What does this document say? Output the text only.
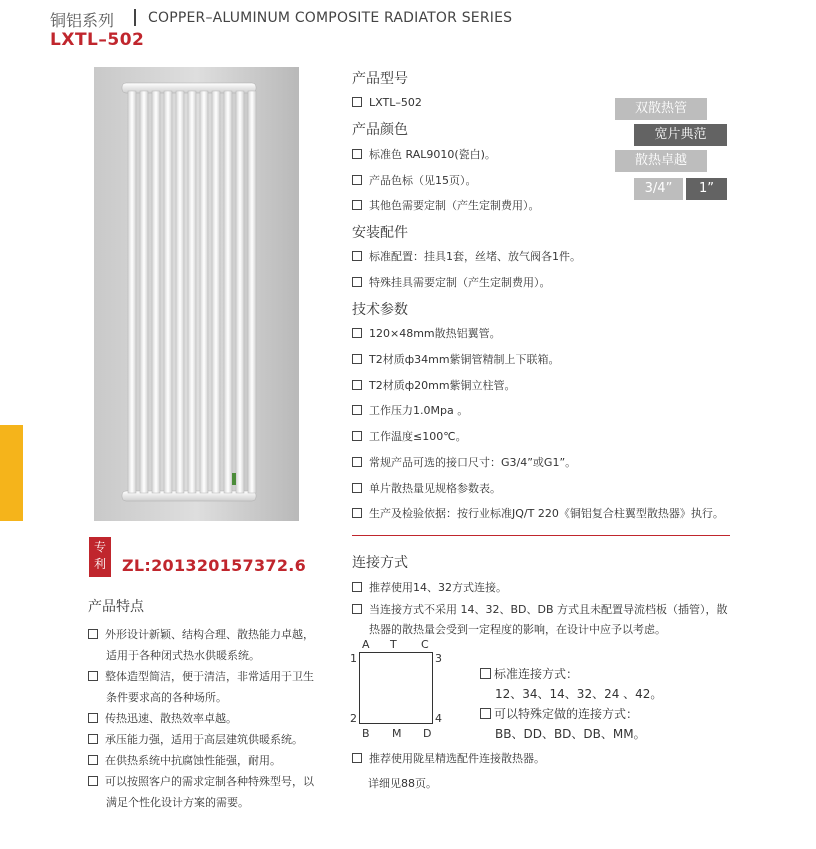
铜铝系列 COPPER–ALUMINUM COMPOSITE RADIATOR SERIES
LXTL–502
专
利	ZL:201320157372.6
产品特点
外形设计新颖、结构合理、散热能力卓越，
适用于各种闭式热水供暖系统。
整体造型简洁，便于清洁，非常适用于卫生
条件要求高的各种场所。
传热迅速、散热效率卓越。
承压能力强，适用于高层建筑供暖系统。
在供热系统中抗腐蚀性能强，耐用。
可以按照客户的需求定制各种特殊型号，以
满足个性化设计方案的需要。
产品型号
LXTL–502
产品颜色
标准色 RAL9010(瓷白)。
产品色标（见15页）。
其他色需要定制（产生定制费用）。
安装配件
标准配置：挂具1套，丝堵、放气阀各1件。
特殊挂具需要定制（产生定制费用）。
技术参数
120×48mm散热铝翼管。
T2材质ф34mm紫铜管精制上下联箱。
T2材质ф20mm紫铜立柱管。
工作压力1.0Mpa 。
工作温度≤100℃。
常规产品可选的接口尺寸：G3/4”或G1”。
单片散热量见规格参数表。
生产及检验依据：按行业标准JQ/T 220《铜铝复合柱翼型散热器》执行。
双散热管
宽片典范
散热卓越
3/4”	1”
连接方式
推荐使用14、32方式连接。
当连接方式不采用 14、32、BD、DB 方式且未配置导流档板（插管），散
热器的散热量会受到一定程度的影响，在设计中应予以考虑。
A T C
1
2
3
4
B M D
标准连接方式：
12、34、14、32、24 、42。
可以特殊定做的连接方式：
BB、DD、BD、DB、MM。
推荐使用陇星精选配件连接散热器。
详细见88页。
